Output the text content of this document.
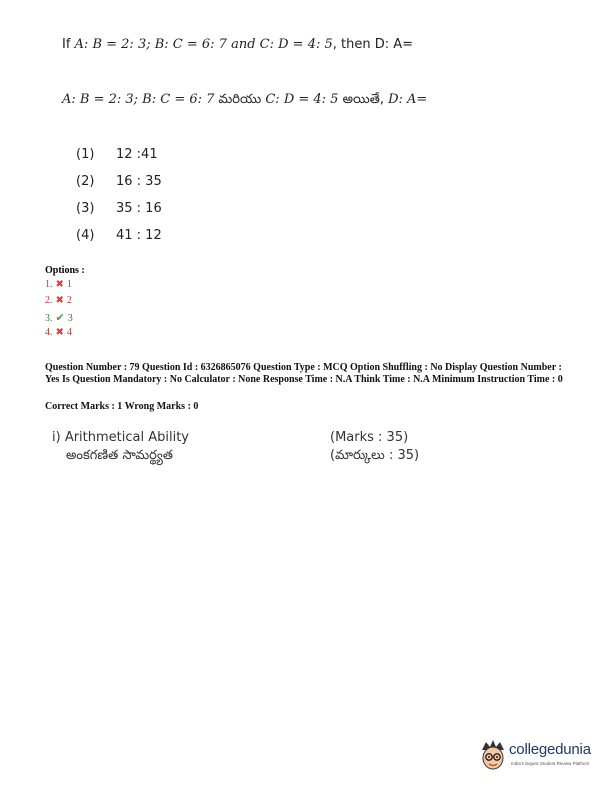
If A: B = 2: 3; B: C = 6: 7 and C: D = 4: 5, then D: A=
A: B = 2: 3; B: C = 6: 7 మరియు C: D = 4: 5 అయితే, D: A=
(1) 12 :41
(2) 16 : 35
(3) 35 : 16
(4) 41 : 12
Options :
1. ✖ 1
2. ✖ 2
3. ✔ 3
4. ✖ 4
Question Number : 79 Question Id : 6326865076 Question Type : MCQ Option Shuffling : No Display Question Number : Yes Is Question Mandatory : No Calculator : None Response Time : N.A Think Time : N.A Minimum Instruction Time : 0
Correct Marks : 1 Wrong Marks : 0
i) Arithmetical Ability
అంకగణిత సామర్థ్యత
(Marks : 35)
(మార్కులు : 35)
collegedunia
India's largest Student Review Platform
